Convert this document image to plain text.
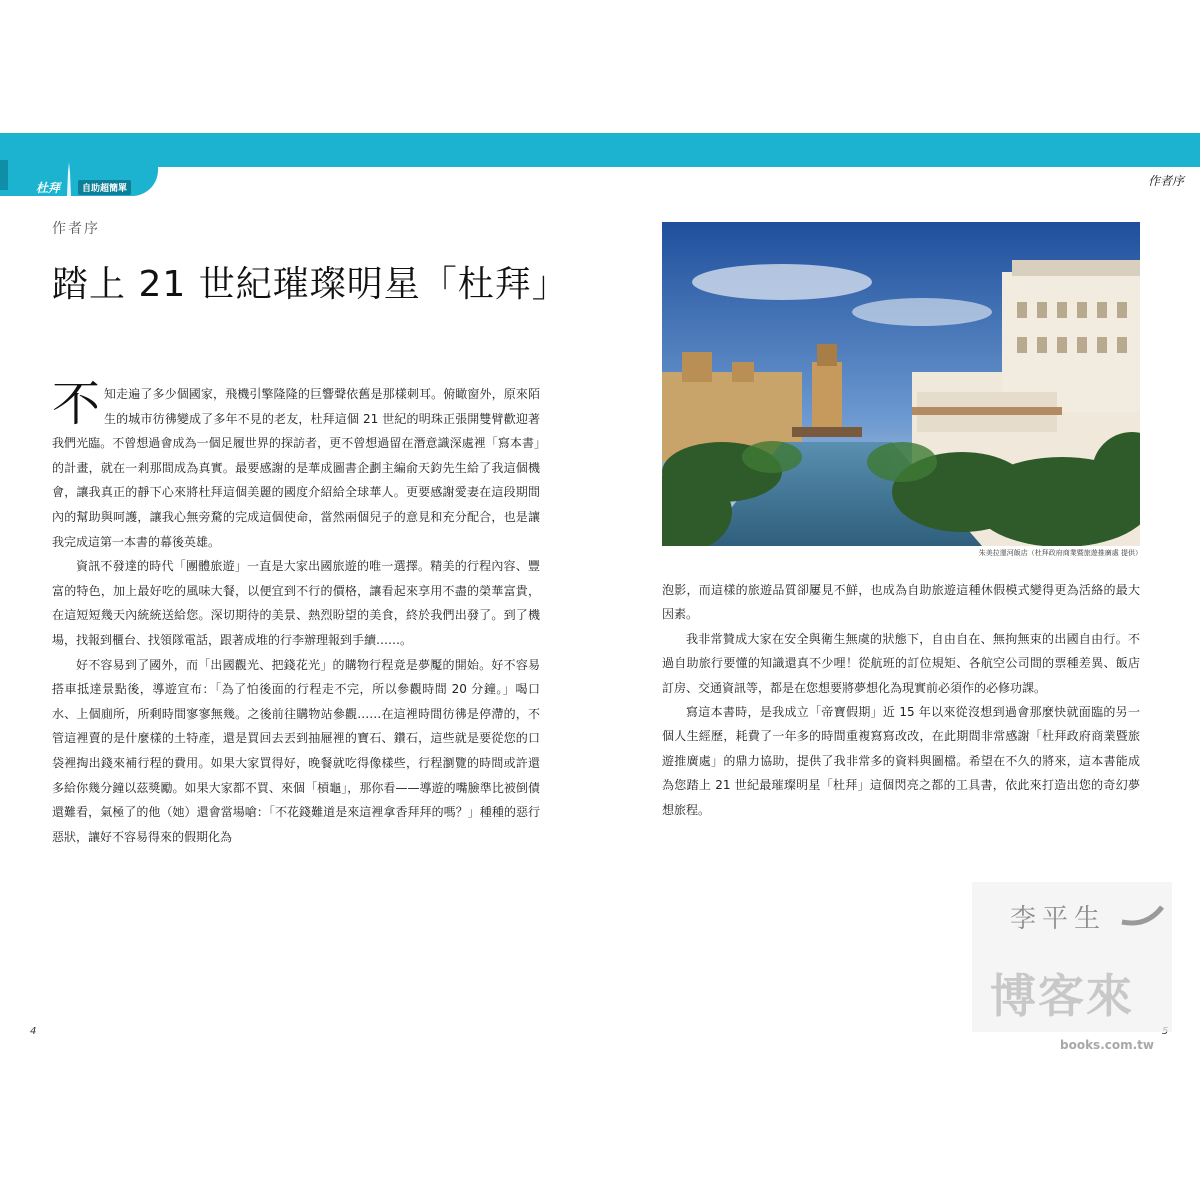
杜拜	自助超簡單
作者序
作者序
踏上 21 世紀璀璨明星「杜拜」

不知走遍了多少個國家，飛機引擎隆隆的巨響聲依舊是那樣刺耳。俯瞰窗外，原來陌生的城市彷彿變成了多年不見的老友，杜拜這個 21 世紀的明珠正張開雙臂歡迎著我們光臨。不曾想過會成為一個足履世界的探訪者，更不曾想過留在潛意識深處裡「寫本書」的計畫，就在一剎那間成為真實。最要感謝的是華成圖書企劃主編俞天鈞先生給了我這個機會，讓我真正的靜下心來將杜拜這個美麗的國度介紹給全球華人。更要感謝愛妻在這段期間內的幫助與呵護，讓我心無旁騖的完成這個使命，當然兩個兒子的意見和充分配合，也是讓我完成這第一本書的幕後英雄。

資訊不發達的時代「團體旅遊」一直是大家出國旅遊的唯一選擇。精美的行程內容、豐富的特色，加上最好吃的風味大餐，以便宜到不行的價格，讓看起來享用不盡的榮華富貴，在這短短幾天內統統送給您。深切期待的美景、熱烈盼望的美食，終於我們出發了。到了機場，找報到櫃台、找領隊電話，跟著成堆的行李辦理報到手續……。

好不容易到了國外，而「出國觀光、把錢花光」的購物行程竟是夢魘的開始。好不容易搭車抵達景點後，導遊宣布：「為了怕後面的行程走不完，所以參觀時間 20 分鐘。」喝口水、上個廁所，所剩時間寥寥無幾。之後前往購物站參觀……在這裡時間彷彿是停滯的，不管這裡賣的是什麼樣的土特產，還是買回去丟到抽屜裡的寶石、鑽石，這些就是要從您的口袋裡掏出錢來補行程的費用。如果大家買得好，晚餐就吃得像樣些，行程瀏覽的時間或許還多給你幾分鐘以茲獎勵。如果大家都不買、來個「槓龜」，那你看——導遊的嘴臉準比被倒債還難看，氣極了的他（她）還會當場嗆：「不花錢難道是來這裡拿香拜拜的嗎？」種種的惡行惡狀，讓好不容易得來的假期化為

4
朱美拉運河飯店（杜拜政府商業暨旅遊推廣處 提供）

泡影，而這樣的旅遊品質卻屢見不鮮，也成為自助旅遊這種休假模式變得更為活絡的最大因素。

我非常贊成大家在安全與衛生無虞的狀態下，自由自在、無拘無束的出國自由行。不過自助旅行要懂的知識還真不少哩！從航班的訂位規矩、各航空公司間的票種差異、飯店訂房、交通資訊等，都是在您想要將夢想化為現實前必須作的必修功課。

寫這本書時，是我成立「帝寶假期」近 15 年以來從沒想到過會那麼快就面臨的另一個人生經歷，耗費了一年多的時間重複寫寫改改，在此期間非常感謝「杜拜政府商業暨旅遊推廣處」的鼎力協助，提供了我非常多的資料與圖檔。希望在不久的將來，這本書能成為您踏上 21 世紀最璀璨明星「杜拜」這個閃亮之都的工具書，依此來打造出您的奇幻夢想旅程。

李平生
博客來
books.com.tw
